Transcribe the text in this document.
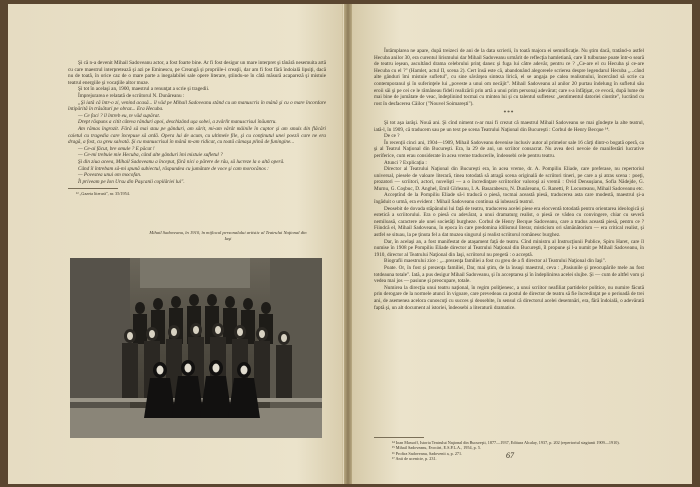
Şi că n-a devenit Mihail Sadoveanu actor, a fost foarte bine. Ar fi fost desigur un mare interpret şi tânără nesemuita artă cu care maestrul interpretează şi azi pe Eminescu, pe Creangă şi propriile-i creaţii, dar am fi fost fără îndoială lipsiţi, dacă nu de toată, în orice caz de o mare parte a inegalabilei sale opere literare, ştiindu-se în câtă măsură acapareză şi mistuie teatrul energiile şi vocaţiile altor muze.

Şi tot în acelaşi an, 1900, maestrul a renunţat a scrie şi tragedii.

Împrejurarea e relatată de scriitorul N. Dunăreanu :

„Şi iată că într-o zi, venind acasă... îl văd pe Mihail Sadoveanu stând cu un manuscris în mână şi cu o mare încordare întipărită în trăsături pe obraz... Era Hecuba.

— Ce faci ? îl întreb eu, te văd supărat.

Drept răspuns a citit câteva rânduri apoi, deschizând uşa sobei, a zvârlit manuscrisul înăuntru.

Am rămas îngrozit. Fără să mai stau pe gânduri, am sărit, mi-am vârât mâinile în cuptor şi am smuls din flăcări caietul cu tragedia care începuse să ardă. Opera lui de acum, cu ultimele file, şi cu conţinutul unei poezii care ne era dragă, a fost, cu greu salvată. Şi cu manuscrisul în mână m-am ridicat, cu toată cămaşa plină de funingine...

— Ce-ai făcut, bre omule ? E păcat !

— Ce-mi trebuie mie Hecuba, când alte gânduri îmi mistuie sufletul ?

Şi din ziua aceea, Mihail Sadoveanu a început, fără nici o părere de rău, să lucreze la o altă operă.

Când îl întrebam să-mi spună subiectul, răspundea cu jumătate de voce şi cam morocănos :

— Povestea unui om mocofan.

Îl priveam pe Ion Ursu din Paşcanii copilăriei lui".

¹³ „Gazeta literară", nr. 35/1954.
Mihail Sadoveanu, în 1910, în mijlocul personalului artistic al Teatrului Naţional din Iaşi

Întâmplarea ne apare, după treizeci de ani de la data scrierii, în toată majora ei semnificaţie. Nu ştim dacă, tratând-o astfel Hecuba anilor 30, era curentul lirismului dar Mihail Sadoveanu urmărit de reflecţia hamletiană, care îl tulburase poate într-o seară de teatru ieşean, ascultând drama celebrului prinţ danez şi fuga lui către adevăr, pentru ce ? „Ce-are el cu Hecuba şi ce-are Hecuba cu el ?" (Hamlet, actul II, scena 2). Cert însă este că, abandonând alegoreele scrierea despre legendarul Hecuba „...când alte gânduri îmi mistuie sufletul", cu sine săvârşea sinteza lirică, el se angaja pe calea realismului, încercând să scrie ca contemporanul şi în suferinţele lui „poveste a unui om necăjit". Mihail Sadoveanu al anilor 20 purtau îndelung în sufletul său eroii săi şi pe cei ce le rămâneau fideli realizării prin artă a unui prim personaj adevărat; care s-a înfăţişat, ce evocă, după lume de mai bine de jumătate de veac, îndeplinind tocmai cu mintea lui şi cu talentul sufletesc „sentimentul datoriei cinstite", lucrând cu rost în desfacerea Căilor ("Nouvel Soimarești").

***

Şi tot aşa iarăşi. Nouă ani. Şi cînd niment n-ar mai fi crezut că maestrul Mihail Sadoveanu se mai gîndeşte la alte teatrul, iată-l, în 1909, că traducem sau pe un text pe scena Teatrului Naţional din Bucureşti : Corbul de Henry Becque ¹⁴.

De ce ?

În recenţii cinci ani, 1904—1909, Mihail Sadoveanu devenise inclusiv autor al primelor sale 16 cărţi dintr-o bogată operă, ca şi al Teatrul Naţional din Bucureşti. Era, la 29 de ani, un scriitor consacrat. Nu avea deci nevoie de manifestări lucrative periferice, cum erau considerate în acea vreme traducerile, îndeosebi cele pentru teatru.

Atunci ? Explicaţia :

Director al Teatrului Naţional din Bucureşti era, în acea vreme, dr. A. Pompiliu Eliade, care preferase, nu repertoriul universal, piesele de valoare literară, tinea totodată să atragă scena originală de scriitori tineri, pe care a şi atras scena : poeţi, prozatori — scriitori, actori, nuvelişti — a o încredinţare scriitorilor valoroşi ai vremii : Ovid Densuşianu, Sofia Nădejde, G. Murnu, G. Coşbuc, D. Anghel, Emil Gîrleanu, I. A. Basarabescu, N. Dunăreanu, G. Ranetti, P. Locusteanu, Mihail Sadoveanu etc.

Acceptînd de la Pompiliu Eliade să-i traducă o piesă, tocmai această piesă, traducerea asta care modestă, maestrul şi-a îngăduit o urmă, era evident : Mihail Sadoveanu continua să iubească teatrul.

Deosebit de dovada stăpânului lui față de teatru, traducerea acelei piese era elocventă totodată pentru orientarea ideologică şi estetică a scriitorului. Era o piesă cu adevărat, a unui dramaturg realist, o piesă ce vădea cu convingere, chiar cu severă nemiloasă, caractere ale unei societăţi burgheze. Corbul de Henry Becque Sadoveanu, care a tradus această piesă, pentru ce ? Fiindcă el, Mihail Sadoveanu, în epoca în care predomina idilismul literar, misticism ori sămănătorism — era critical realist, şi astfel se situau, la pe ţinuta fel a dat muzea singurul şi realist scriitorul românesc burghez.

Dar, în acelaşi an, a fost manifestat de atașament față de teatru. Cînd ministru al Instrucţiunii Publice, Spiru Haret, care îl numise în 1908 pe Pompiliu Eliade director al Teatrului Naţional din Bucureşti, îl propune şi l-a numit pe Mihail Sadoveanu, în 1910, director al Teatrului Naţional din Iaşi, scriitorul nu pregetă : o acceptă.

Biografii maestrului zice : „...prezenţa familiei a fost cu greu de a fi director al Teatrului Naţional din Iaşi".

Poate. Or, în fost și prezenţa familiei, Dar, mai ştim, de la însuşi maestrul, ceva : „Pasiunile şi preocupările mele au fost totdeauna totale". Iată, a pus desigur Mihail Sadoveanu, şi în acceptarea şi în îndeplinirea acelei slujbe. Şi — cum de altfel vom şi vedea mai jos — pasiune şi preocupare, totale.

Numirea la direcţia unui teatru naţional, în regim poliţienesc, a unui scriitor neafiliat partidelor politice, nu numire făcută prin derogare de la normele atunci în vigoare, care prevedeau ca postul de director de teatru să fie încredinţat pe o perioadă de trei ani, de asemenea acelora cunoscuţi cu succes şi deosebite, în sensul că directorul acelei desemnări, era, fără îndoială, o adevărată faptă şi, un alt document al istoriei, îndeosebi a literaturii dramatice.

¹⁴ Ioan Massoff, Istoria Teatrului Naţional din Bucureşti, 1877—1937, Editura Alcalay, 1937, p. 202 (repertoriul stagiunii 1909—1910).
¹⁵ Mihail Sadoveanu, Evocări, E.S.P.L.A., 1954, p. 5.
¹⁶ Profira Sadoveanu, Sadovenii a, p. 271.
¹⁷ Anii de ucenicie, p. 231.	67
